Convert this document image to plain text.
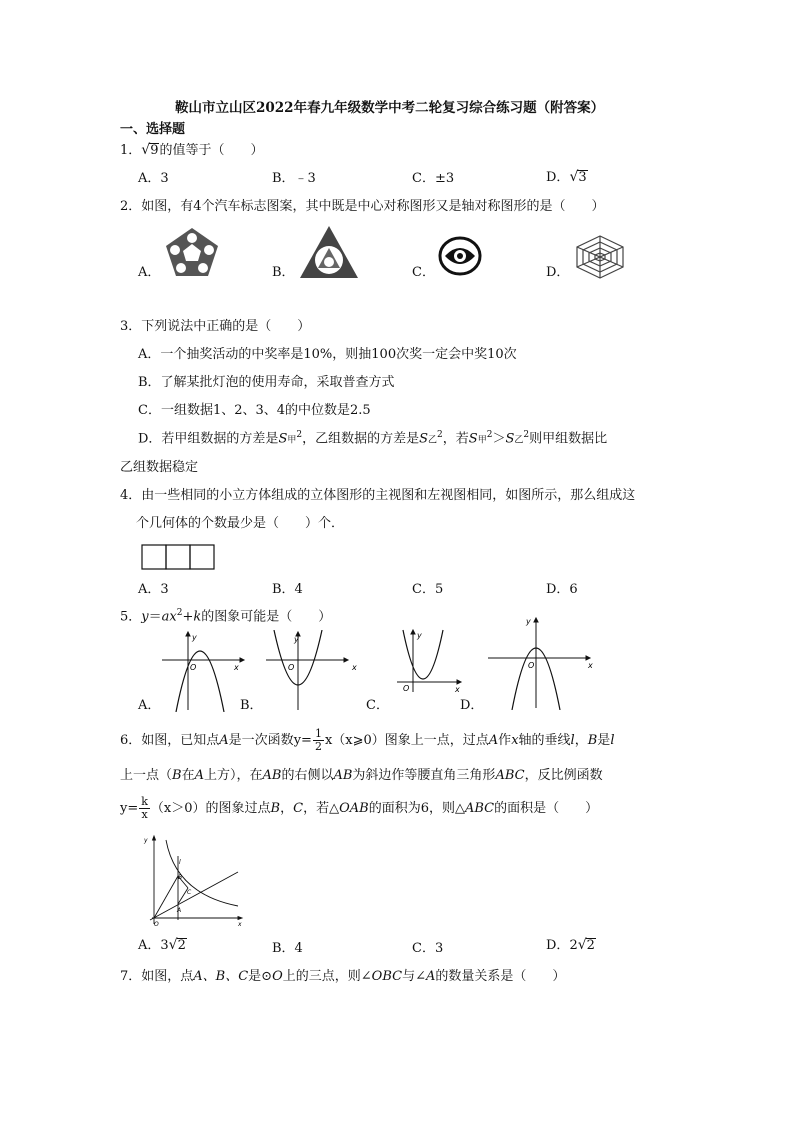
鞍山市立山区2022年春九年级数学中考二轮复习综合练习题（附答案）
一、选择题
1．√9的值等于（　　）
A．3	B．﹣3	C．±3	D．√3
2．如图，有4个汽车标志图案，其中既是中心对称图形又是轴对称图形的是（　　）
A．	B．	C．	D．
3．下列说法中正确的是（　　）
A．一个抽奖活动的中奖率是10%，则抽100次奖一定会中奖10次
B．了解某批灯泡的使用寿命，采取普查方式
C．一组数据1、2、3、4的中位数是2.5
D．若甲组数据的方差是S甲$^2$，乙组数据的方差是S乙$^2$，若S甲$^2$＞S乙$^2$则甲组数据比
乙组数据稳定
4．由一些相同的小立方体组成的立体图形的主视图和左视图相同，如图所示，那么组成这
个几何体的个数最少是（　　）个．
A．3	B．4	C．5	D．6
5．$y=ax^2+k$的图象可能是（　　）
y
x
O
y
x
O
y
x
O
y
x
O
A．	B．	C．	D．
6．如图，已知点A是一次函数$y= \frac{1}{2}$ x（x⩾0）图象上一点，过点A作x轴的垂线l，B是l
上一点（B在A上方），在AB的右侧以AB为斜边作等腰直角三角形ABC，反比例函数
$y= \frac{k}{x} (x>0)$的图象过点B，C，若△OAB的面积为6，则△ABC的面积是（　　）
y
x
O
l
B
C
A
A．3√2	B．4	C．3	D．2√2
7．如图，点A、B、C是⊙O上的三点，则∠OBC与∠A的数量关系是（　　）
